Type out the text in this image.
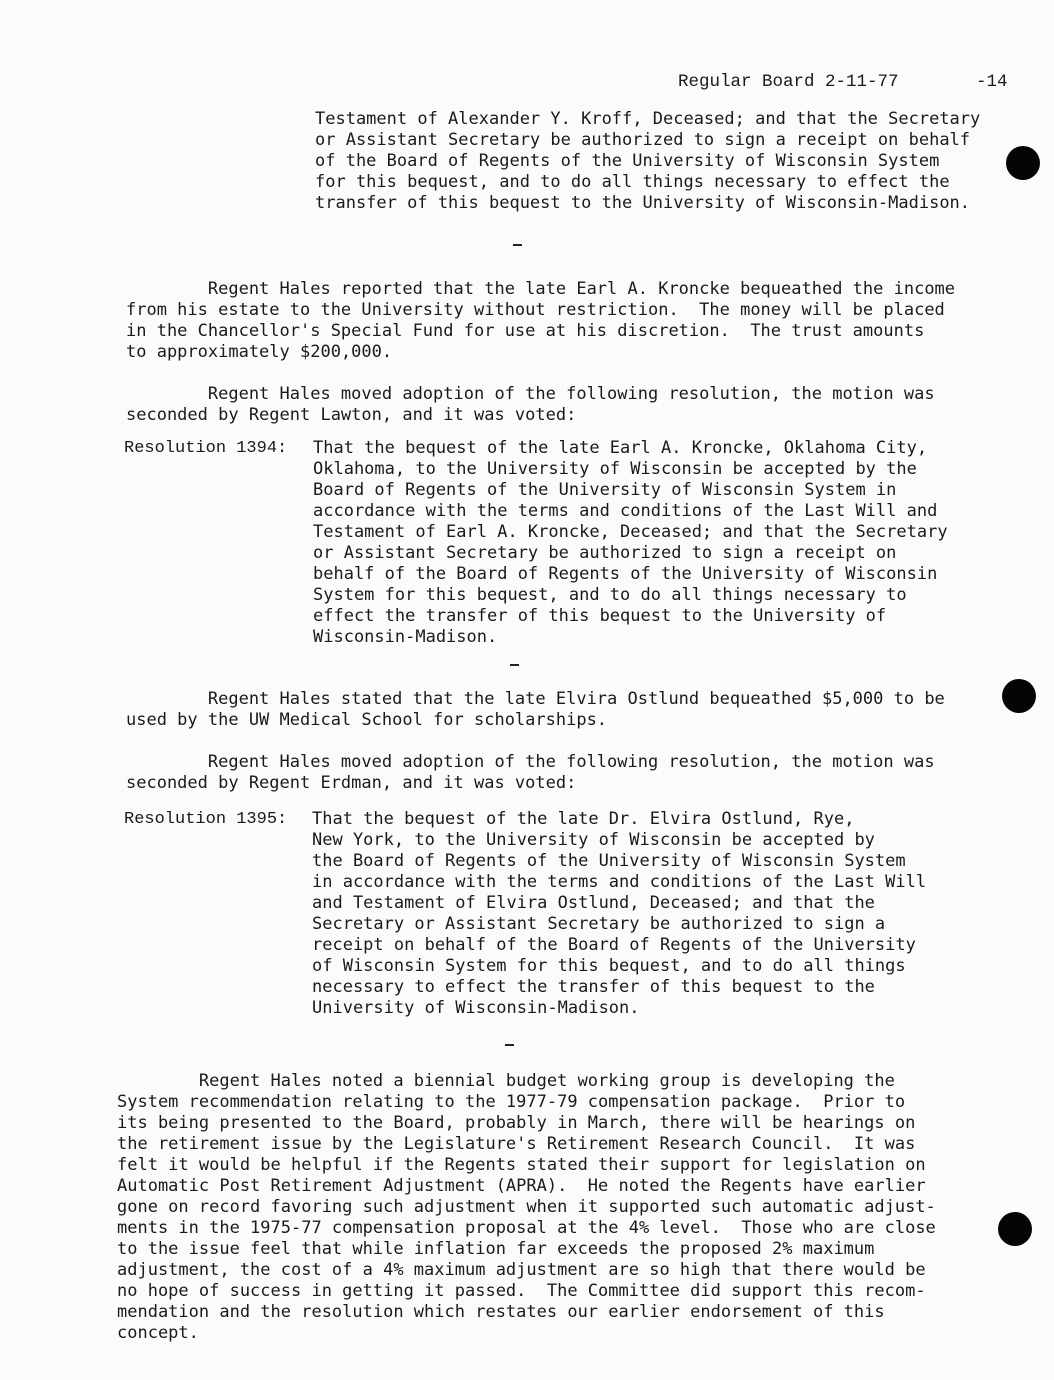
Regular Board 2-11-77	-14
Testament of Alexander Y. Kroff, Deceased; and that the Secretary
or Assistant Secretary be authorized to sign a receipt on behalf
of the Board of Regents of the University of Wisconsin System
for this bequest, and to do all things necessary to effect the
transfer of this bequest to the University of Wisconsin-Madison.
Regent Hales reported that the late Earl A. Kroncke bequeathed the income
from his estate to the University without restriction.  The money will be placed
in the Chancellor's Special Fund for use at his discretion.  The trust amounts
to approximately $200,000.
Regent Hales moved adoption of the following resolution, the motion was
seconded by Regent Lawton, and it was voted:
Resolution 1394: That the bequest of the late Earl A. Kroncke, Oklahoma City,
Oklahoma, to the University of Wisconsin be accepted by the
Board of Regents of the University of Wisconsin System in
accordance with the terms and conditions of the Last Will and
Testament of Earl A. Kroncke, Deceased; and that the Secretary
or Assistant Secretary be authorized to sign a receipt on
behalf of the Board of Regents of the University of Wisconsin
System for this bequest, and to do all things necessary to
effect the transfer of this bequest to the University of
Wisconsin-Madison.
Regent Hales stated that the late Elvira Ostlund bequeathed $5,000 to be
used by the UW Medical School for scholarships.
Regent Hales moved adoption of the following resolution, the motion was
seconded by Regent Erdman, and it was voted:
Resolution 1395: That the bequest of the late Dr. Elvira Ostlund, Rye,
New York, to the University of Wisconsin be accepted by
the Board of Regents of the University of Wisconsin System
in accordance with the terms and conditions of the Last Will
and Testament of Elvira Ostlund, Deceased; and that the
Secretary or Assistant Secretary be authorized to sign a
receipt on behalf of the Board of Regents of the University
of Wisconsin System for this bequest, and to do all things
necessary to effect the transfer of this bequest to the
University of Wisconsin-Madison.
Regent Hales noted a biennial budget working group is developing the
System recommendation relating to the 1977-79 compensation package.  Prior to
its being presented to the Board, probably in March, there will be hearings on
the retirement issue by the Legislature's Retirement Research Council.  It was
felt it would be helpful if the Regents stated their support for legislation on
Automatic Post Retirement Adjustment (APRA).  He noted the Regents have earlier
gone on record favoring such adjustment when it supported such automatic adjust-
ments in the 1975-77 compensation proposal at the 4% level.  Those who are close
to the issue feel that while inflation far exceeds the proposed 2% maximum
adjustment, the cost of a 4% maximum adjustment are so high that there would be
no hope of success in getting it passed.  The Committee did support this recom-
mendation and the resolution which restates our earlier endorsement of this
concept.
